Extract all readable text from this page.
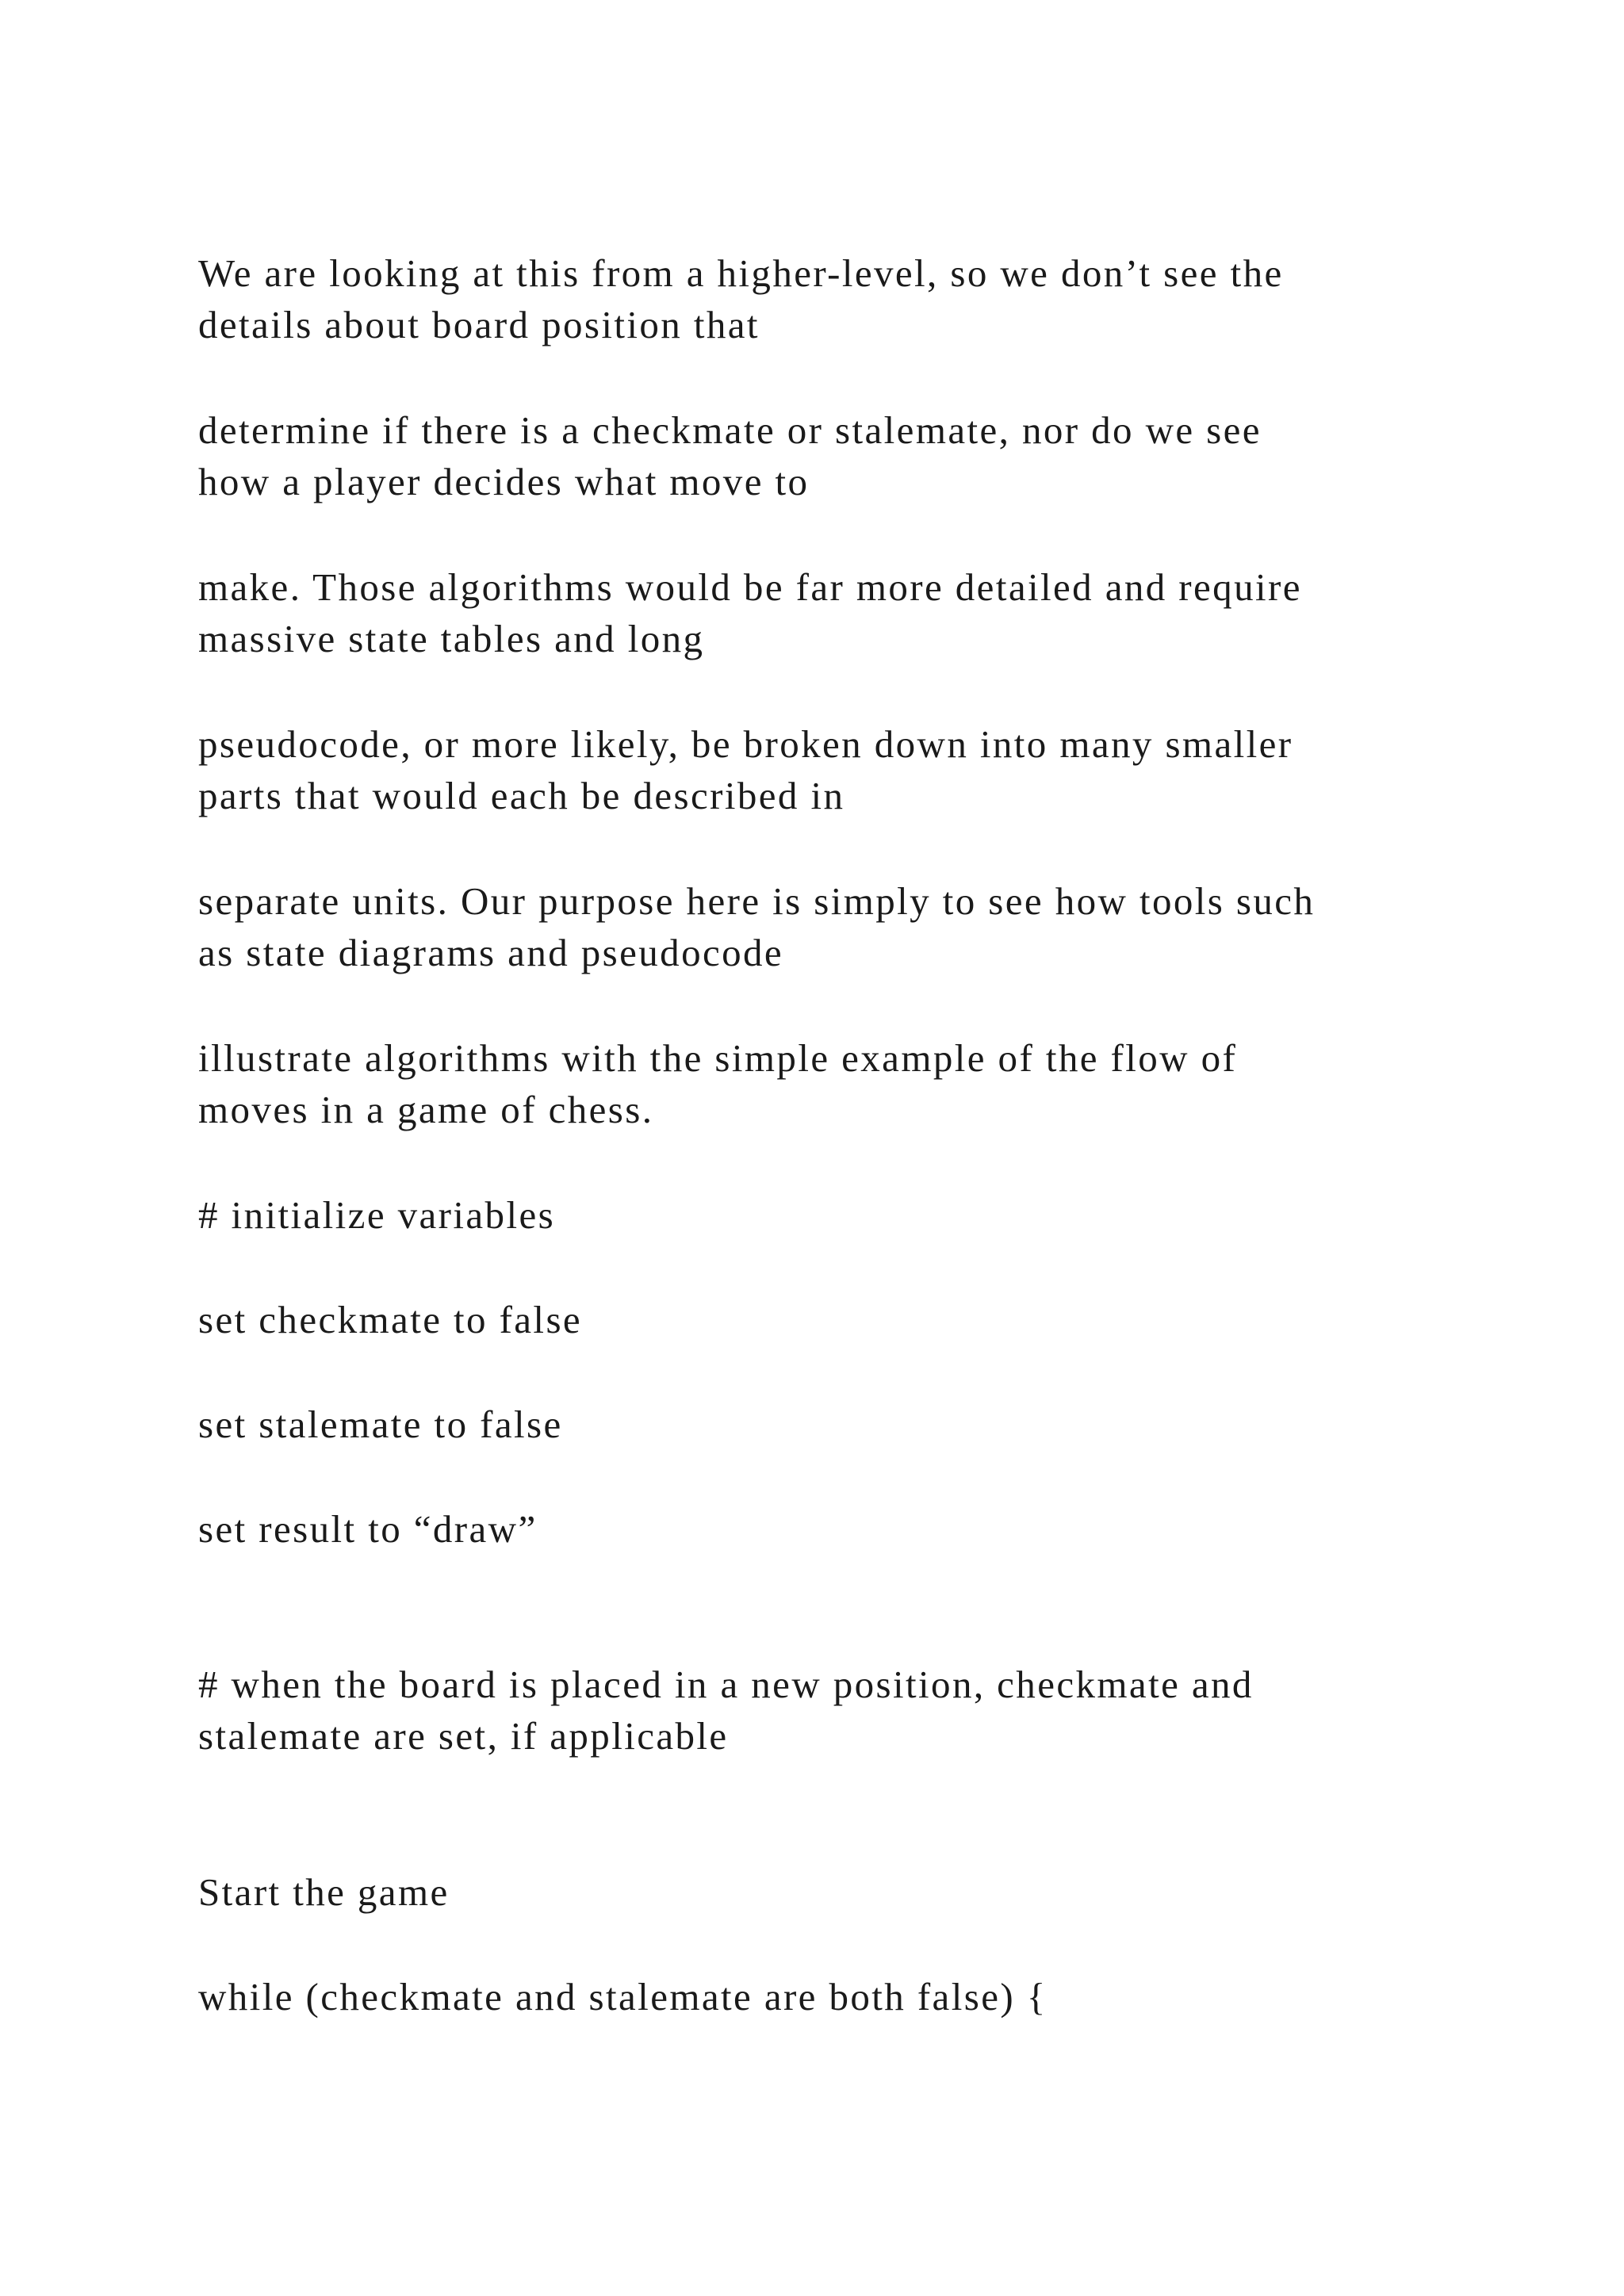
We are looking at this from a higher-level, so we don’t see the

details about board position that

determine if there is a checkmate or stalemate, nor do we see

how a player decides what move to

make. Those algorithms would be far more detailed and require

massive state tables and long

pseudocode, or more likely, be broken down into many smaller

parts that would each be described in

separate units. Our purpose here is simply to see how tools such

as state diagrams and pseudocode

illustrate algorithms with the simple example of the flow of

moves in a game of chess.

# initialize variables

set checkmate to false

set stalemate to false

set result to “draw”

# when the board is placed in a new position, checkmate and

stalemate are set, if applicable

Start the game

while (checkmate and stalemate are both false) {
